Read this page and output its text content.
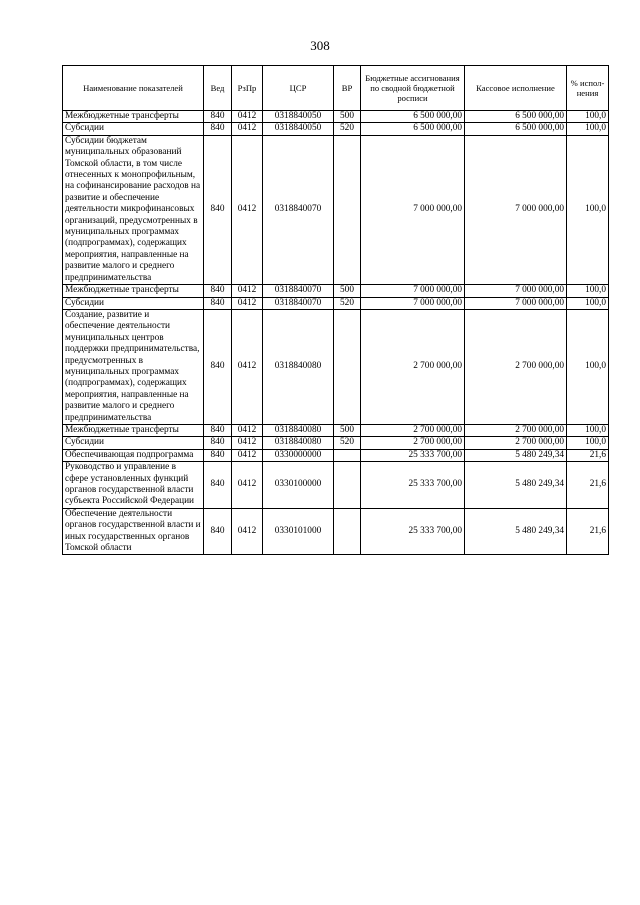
308
Наименование показателей	Вед	РзПр	ЦСР	ВР	Бюджетные ассигнования по сводной бюджетной росписи	Кассовое исполнение	% испол-нения
Межбюджетные трансферты	840	0412	0318840050	500	6 500 000,00	6 500 000,00	100,0
Субсидии	840	0412	0318840050	520	6 500 000,00	6 500 000,00	100,0
Субсидии бюджетам муниципальных образований Томской области, в том числе отнесенных к монопрофильным, на софинансирование расходов на развитие и обеспечение деятельности микрофинансовых организаций, предусмотренных в муниципальных программах (подпрограммах), содержащих мероприятия, направленные на развитие малого и среднего предпринимательства	840	0412	0318840070		7 000 000,00	7 000 000,00	100,0
Межбюджетные трансферты	840	0412	0318840070	500	7 000 000,00	7 000 000,00	100,0
Субсидии	840	0412	0318840070	520	7 000 000,00	7 000 000,00	100,0
Создание, развитие и обеспечение деятельности муниципальных центров поддержки предпринимательства, предусмотренных в муниципальных программах (подпрограммах), содержащих мероприятия, направленные на развитие малого и среднего предпринимательства	840	0412	0318840080		2 700 000,00	2 700 000,00	100,0
Межбюджетные трансферты	840	0412	0318840080	500	2 700 000,00	2 700 000,00	100,0
Субсидии	840	0412	0318840080	520	2 700 000,00	2 700 000,00	100,0
Обеспечивающая подпрограмма	840	0412	0330000000		25 333 700,00	5 480 249,34	21,6
Руководство и управление в сфере установленных функций органов государственной власти субъекта Российской Федерации	840	0412	0330100000		25 333 700,00	5 480 249,34	21,6
Обеспечение деятельности органов государственной власти и иных государственных органов Томской области	840	0412	0330101000		25 333 700,00	5 480 249,34	21,6
